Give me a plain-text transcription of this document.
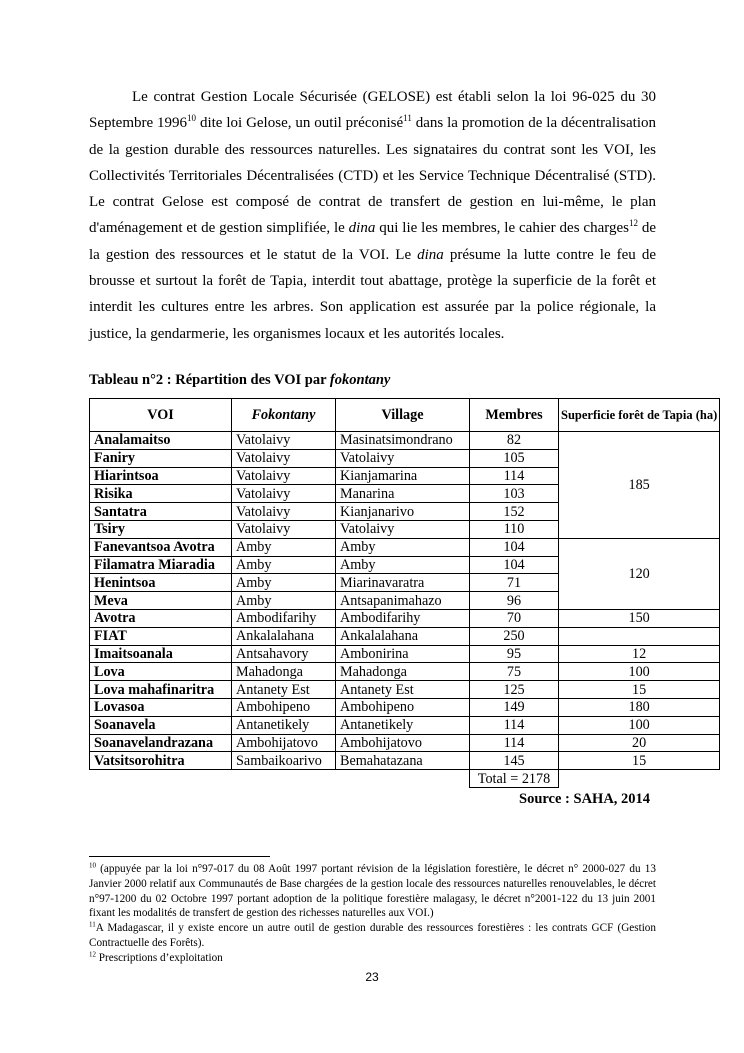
Le contrat Gestion Locale Sécurisée (GELOSE) est établi selon la loi 96-025 du 30 Septembre 1996$^{10}$ dite loi Gelose, un outil préconisé$^{11}$ dans la promotion de la décentralisation de la gestion durable des ressources naturelles. Les signataires du contrat sont les VOI, les Collectivités Territoriales Décentralisées (CTD) et les Service Technique Décentralisé (STD). Le contrat Gelose est composé de contrat de transfert de gestion en lui-même, le plan d'aménagement et de gestion simplifiée, le dina qui lie les membres, le cahier des charges$^{12}$ de la gestion des ressources et le statut de la VOI. Le dina présume la lutte contre le feu de brousse et surtout la forêt de Tapia, interdit tout abattage, protège la superficie de la forêt et interdit les cultures entre les arbres. Son application est assurée par la police régionale, la justice, la gendarmerie, les organismes locaux et les autorités locales.

Tableau n°2 : Répartition des VOI par fokontany

VOI	Fokontany	Village	Membres	Superficie forêt de Tapia (ha)
Analamaitso	Vatolaivy	Masinatsimondrano	82	185
Faniry	Vatolaivy	Vatolaivy	105	
Hiarintsoa	Vatolaivy	Kianjamarina	114	
Risika	Vatolaivy	Manarina	103	
Santatra	Vatolaivy	Kianjanarivo	152	
Tsiry	Vatolaivy	Vatolaivy	110	
Fanevantsoa Avotra	Amby	Amby	104	120
Filamatra Miaradia	Amby	Amby	104	
Henintsoa	Amby	Miarinavaratra	71	
Meva	Amby	Antsapanimahazo	96	
Avotra	Ambodifarihy	Ambodifarihy	70	150
FIAT	Ankalalahana	Ankalalahana	250	
Imaitsoanala	Antsahavory	Ambonirina	95	12
Lova	Mahadonga	Mahadonga	75	100
Lova mahafinaritra	Antanety Est	Antanety Est	125	15
Lovasoa	Ambohipeno	Ambohipeno	149	180
Soanavela	Antanetikely	Antanetikely	114	100
Soanavelandrazana	Ambohijatovo	Ambohijatovo	114	20
Vatsitsorohitra	Sambaikoarivo	Bemahatazana	145	15
			Total = 2178	
Source : SAHA, 2014

$^{10}$ (appuyée par la loi n°97-017 du 08 Août 1997 portant révision de la législation forestière, le décret n° 2000-027 du 13 Janvier 2000 relatif aux Communautés de Base chargées de la gestion locale des ressources naturelles renouvelables, le décret n°97-1200 du 02 Octobre 1997 portant adoption de la politique forestière malagasy, le décret n°2001-122 du 13 juin 2001 fixant les modalités de transfert de gestion des richesses naturelles aux VOI.)

$^{11}$A Madagascar, il y existe encore un autre outil de gestion durable des ressources forestières : les contrats GCF (Gestion Contractuelle des Forêts).

$^{12}$ Prescriptions d’exploitation

23
